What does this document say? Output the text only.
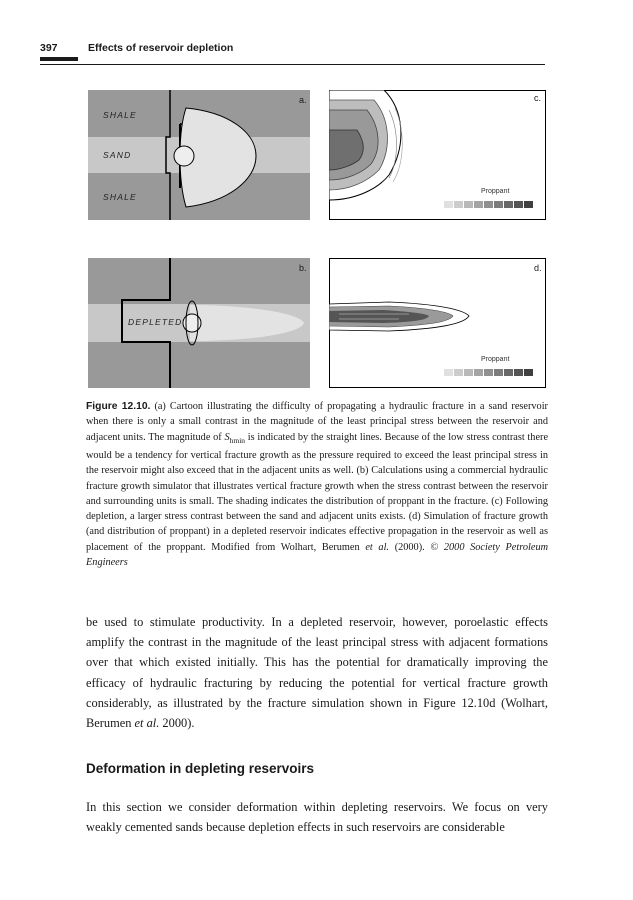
397	Effects of reservoir depletion
SHALE
SAND
SHALE
a.	c.
Proppant
DEPLETED
b.	d.
Proppant
Figure 12.10. (a) Cartoon illustrating the difficulty of propagating a hydraulic fracture in a sand reservoir when there is only a small contrast in the magnitude of the least principal stress between the reservoir and adjacent units. The magnitude of $S_{hmin}$ is indicated by the straight lines. Because of the low stress contrast there would be a tendency for vertical fracture growth as the pressure required to exceed the least principal stress in the reservoir might also exceed that in the adjacent units as well. (b) Calculations using a commercial hydraulic fracture growth simulator that illustrates vertical fracture growth when the stress contrast between the reservoir and surrounding units is small. The shading indicates the distribution of proppant in the fracture. (c) Following depletion, a larger stress contrast between the sand and adjacent units exists. (d) Simulation of fracture growth (and distribution of proppant) in a depleted reservoir indicates effective propagation in the reservoir as well as placement of the proppant. Modified from Wolhart, Berumen et al. (2000). © 2000 Society Petroleum Engineers
be used to stimulate productivity. In a depleted reservoir, however, poroelastic effects amplify the contrast in the magnitude of the least principal stress with adjacent formations over that which existed initially. This has the potential for dramatically improving the efficacy of hydraulic fracturing by reducing the potential for vertical fracture growth considerably, as illustrated by the fracture simulation shown in Figure 12.10d (Wolhart, Berumen et al. 2000).
Deformation in depleting reservoirs
In this section we consider deformation within depleting reservoirs. We focus on very weakly cemented sands because depletion effects in such reservoirs are considerable
